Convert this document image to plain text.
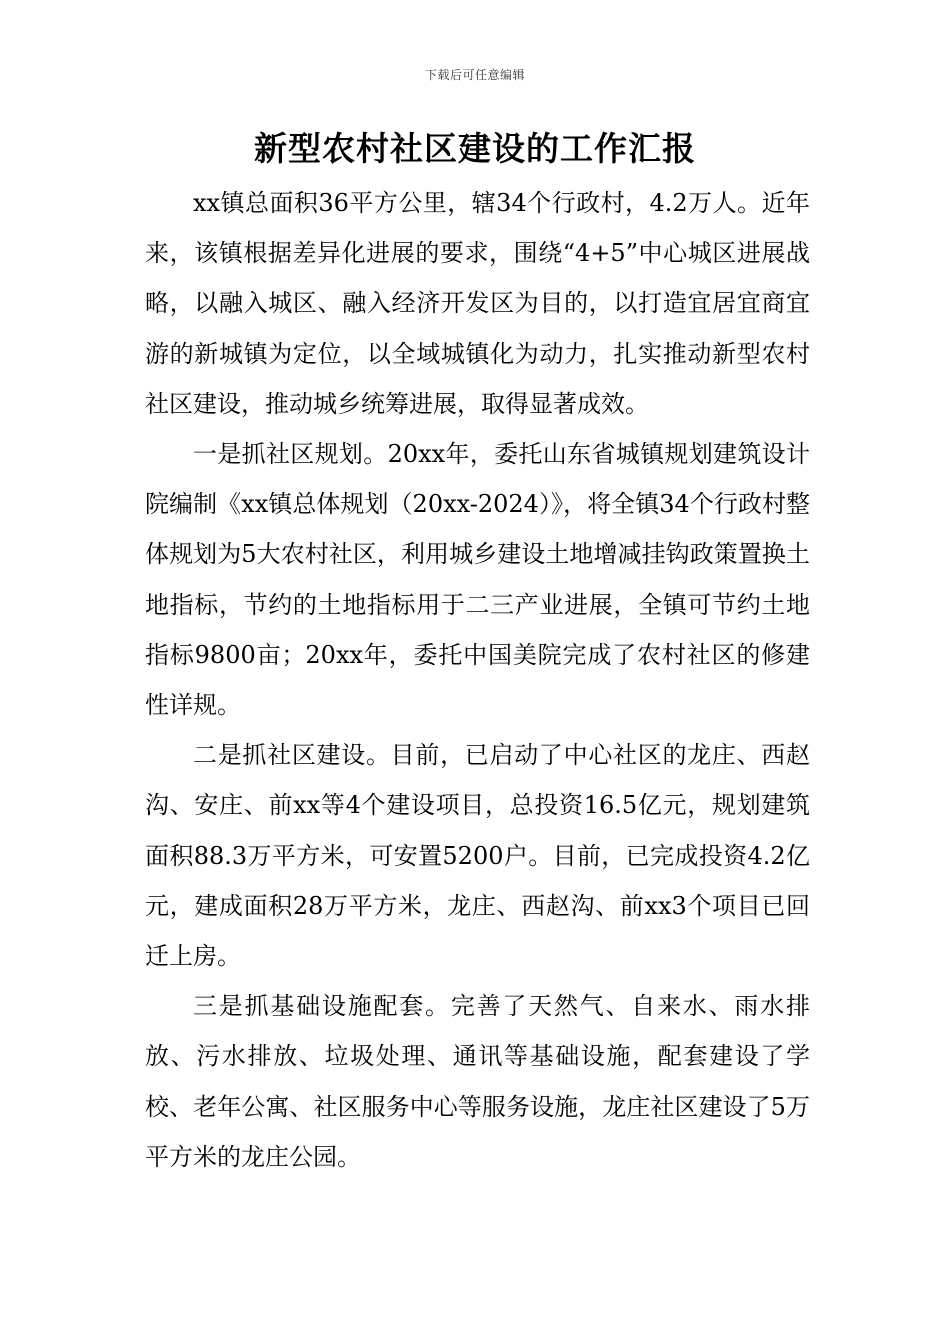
下载后可任意编辑
新型农村社区建设的工作汇报

xx镇总面积36平方公里，辖34个行政村，4.2万人。近年来，该镇根据差异化进展的要求，围绕“4+5”中心城区进展战略，以融入城区、融入经济开发区为目的，以打造宜居宜商宜游的新城镇为定位，以全域城镇化为动力，扎实推动新型农村社区建设，推动城乡统筹进展，取得显著成效。

一是抓社区规划。20xx年，委托山东省城镇规划建筑设计院编制《xx镇总体规划（20xx-2024）》，将全镇34个行政村整体规划为5大农村社区，利用城乡建设土地增减挂钩政策置换土地指标，节约的土地指标用于二三产业进展，全镇可节约土地指标9800亩；20xx年，委托中国美院完成了农村社区的修建性详规。

二是抓社区建设。目前，已启动了中心社区的龙庄、西赵沟、安庄、前xx等4个建设项目，总投资16.5亿元，规划建筑面积88.3万平方米，可安置5200户。目前，已完成投资4.2亿元，建成面积28万平方米，龙庄、西赵沟、前xx3个项目已回迁上房。

三是抓基础设施配套。完善了天然气、自来水、雨水排放、污水排放、垃圾处理、通讯等基础设施，配套建设了学校、老年公寓、社区服务中心等服务设施，龙庄社区建设了5万平方米的龙庄公园。
